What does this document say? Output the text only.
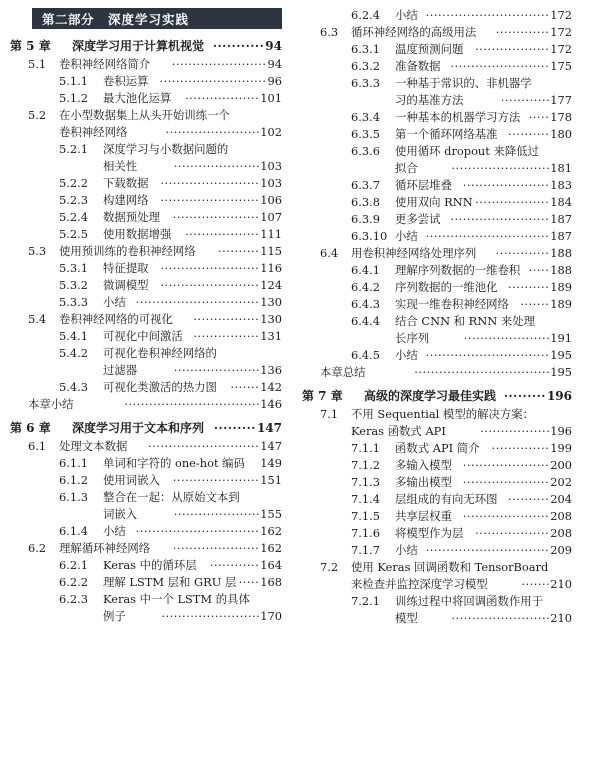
第二部分 深度学习实践
第 5 章	深度学习用于计算机视觉 ··········· 94
5.1	卷积神经网络简介	······················· 94
5.1.1	卷积运算 ·························· 96
5.1.2	最大池化运算	·················· 101
5.2	在小型数据集上从头开始训练一个
卷积神经网络	······················· 102
5.2.1	深度学习与小数据问题的
相关性	····················· 103
5.2.2	下载数据	························ 103
5.2.3	构建网络	························ 106
5.2.4	数据预处理	····················· 107
5.2.5	使用数据增强	·················· 111
5.3	使用预训练的卷积神经网络	·········· 115
5.3.1	特征提取	························ 116
5.3.2	微调模型	························ 124
5.3.3	小结 ······························ 130
5.4	卷积神经网络的可视化	················ 130
5.4.1	可视化中间激活 ················ 131
5.4.2	可视化卷积神经网络的
过滤器	····················· 136
5.4.3	可视化类激活的热力图	······· 142
本章小结	································· 146
第 6 章	深度学习用于文本和序列 ········· 147
6.1	处理文本数据	··························· 147
6.1.1	单词和字符的 one-hot 编码	149
6.1.2	使用词嵌入	····················· 151
6.1.3	整合在一起：从原始文本到
词嵌入	····················· 155
6.1.4	小结 ······························ 162
6.2	理解循环神经网络	····················· 162
6.2.1	Keras 中的循环层	············ 164
6.2.2	理解 LSTM 层和 GRU 层 ····· 168
6.2.3	Keras 中一个 LSTM 的具体
例子	························ 170
6.2.4	小结 ······························ 172
6.3	循环神经网络的高级用法	············· 172
6.3.1	温度预测问题	·················· 172
6.3.2	准备数据 ························ 175
6.3.3	一种基于常识的、非机器学
习的基准方法	············ 177
6.3.4	一种基本的机器学习方法 ····· 178
6.3.5	第一个循环网络基准 ·········· 180
6.3.6	使用循环 dropout 来降低过
拟合	························ 181
6.3.7	循环层堆叠 ····················· 183
6.3.8	使用双向 RNN ·················· 184
6.3.9	更多尝试 ························ 187
6.3.10 小结 ······························ 187
6.4	用卷积神经网络处理序列	············· 188
6.4.1	理解序列数据的一维卷积 ····· 188
6.4.2	序列数据的一维池化 ·········· 189
6.4.3	实现一维卷积神经网络	······· 189
6.4.4	结合 CNN 和 RNN 来处理
长序列	····················· 191
6.4.5	小结 ······························ 195
本章总结	································· 195
第 7 章	高级的深度学习最佳实践 ········· 196
7.1	不用 Sequential 模型的解决方案：
Keras 函数式 API	················· 196
7.1.1	函数式 API 简介	·············· 199
7.1.2	多输入模型 ····················· 200
7.1.3	多输出模型 ····················· 202
7.1.4	层组成的有向无环图 ·········· 204
7.1.5	共享层权重 ····················· 208
7.1.6	将模型作为层	·················· 208
7.1.7	小结 ······························ 209
7.2	使用 Keras 回调函数和 TensorBoard
来检查并监控深度学习模型	······· 210
7.2.1	训练过程中将回调函数作用于
模型	························ 210
